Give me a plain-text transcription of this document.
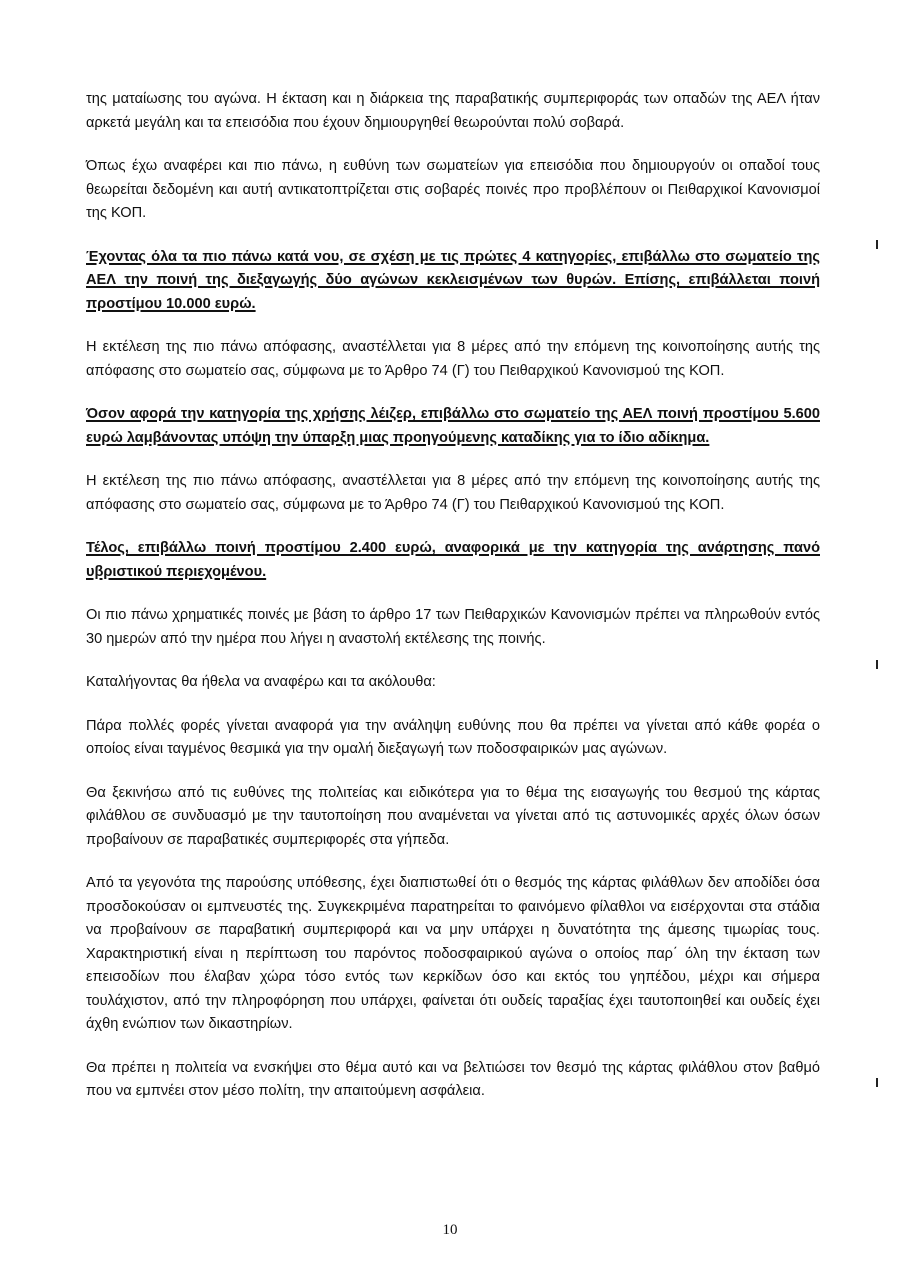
της ματαίωσης του αγώνα. Η έκταση και η διάρκεια της παραβατικής συμπεριφοράς των οπαδών της ΑΕΛ ήταν αρκετά μεγάλη και τα επεισόδια που έχουν δημιουργηθεί θεωρούνται πολύ σοβαρά.

Όπως έχω αναφέρει και πιο πάνω, η ευθύνη των σωματείων για επεισόδια που δημιουργούν οι οπαδοί τους θεωρείται δεδομένη και αυτή αντικατοπτρίζεται στις σοβαρές ποινές προ προβλέπουν οι Πειθαρχικοί Κανονισμοί της ΚΟΠ.

Έχοντας όλα τα πιο πάνω κατά νου, σε σχέση με τις πρώτες 4 κατηγορίες, επιβάλλω στο σωματείο της ΑΕΛ την ποινή της διεξαγωγής δύο αγώνων κεκλεισμένων των θυρών. Επίσης, επιβάλλεται ποινή προστίμου 10.000 ευρώ.

Η εκτέλεση της πιο πάνω απόφασης, αναστέλλεται για 8 μέρες από την επόμενη της κοινοποίησης αυτής της απόφασης στο σωματείο σας, σύμφωνα με το Άρθρο 74 (Γ) του Πειθαρχικού Κανονισμού της ΚΟΠ.

Όσον αφορά την κατηγορία της χρήσης λέιζερ, επιβάλλω στο σωματείο της ΑΕΛ ποινή προστίμου 5.600 ευρώ λαμβάνοντας υπόψη την ύπαρξη μιας προηγούμενης καταδίκης για το ίδιο αδίκημα.

Η εκτέλεση της πιο πάνω απόφασης, αναστέλλεται για 8 μέρες από την επόμενη της κοινοποίησης αυτής της απόφασης στο σωματείο σας, σύμφωνα με το Άρθρο 74 (Γ) του Πειθαρχικού Κανονισμού της ΚΟΠ.

Τέλος, επιβάλλω ποινή προστίμου 2.400 ευρώ, αναφορικά με την κατηγορία της ανάρτησης πανό υβριστικού περιεχομένου.

Οι πιο πάνω χρηματικές ποινές με βάση το άρθρο 17 των Πειθαρχικών Κανονισμών πρέπει να πληρωθούν εντός 30 ημερών από την ημέρα που λήγει η αναστολή εκτέλεσης της ποινής.

Καταλήγοντας θα ήθελα να αναφέρω και τα ακόλουθα:

Πάρα πολλές φορές γίνεται αναφορά για την ανάληψη ευθύνης που θα πρέπει να γίνεται από κάθε φορέα ο οποίος είναι ταγμένος θεσμικά για την ομαλή διεξαγωγή των ποδοσφαιρικών μας αγώνων.

Θα ξεκινήσω από τις ευθύνες της πολιτείας και ειδικότερα για το θέμα της εισαγωγής του θεσμού της κάρτας φιλάθλου σε συνδυασμό με την ταυτοποίηση που αναμένεται να γίνεται από τις αστυνομικές αρχές όλων όσων προβαίνουν σε παραβατικές συμπεριφορές στα γήπεδα.

Από τα γεγονότα της παρούσης υπόθεσης, έχει διαπιστωθεί ότι ο θεσμός της κάρτας φιλάθλων δεν αποδίδει όσα προσδοκούσαν οι εμπνευστές της. Συγκεκριμένα παρατηρείται το φαινόμενο φίλαθλοι να εισέρχονται στα στάδια να προβαίνουν σε παραβατική συμπεριφορά και να μην υπάρχει η δυνατότητα της άμεσης τιμωρίας τους. Χαρακτηριστική είναι η περίπτωση του παρόντος ποδοσφαιρικού αγώνα ο οποίος παρ΄ όλη την έκταση των επεισοδίων που έλαβαν χώρα τόσο εντός των κερκίδων όσο και εκτός του γηπέδου, μέχρι και σήμερα τουλάχιστον, από την πληροφόρηση που υπάρχει, φαίνεται ότι ουδείς ταραξίας έχει ταυτοποιηθεί και ουδείς έχει άχθη ενώπιον των δικαστηρίων.

Θα πρέπει η πολιτεία να ενσκήψει στο θέμα αυτό και να βελτιώσει τον θεσμό της κάρτας φιλάθλου στον βαθμό που να εμπνέει στον μέσο πολίτη, την απαιτούμενη ασφάλεια.

10
